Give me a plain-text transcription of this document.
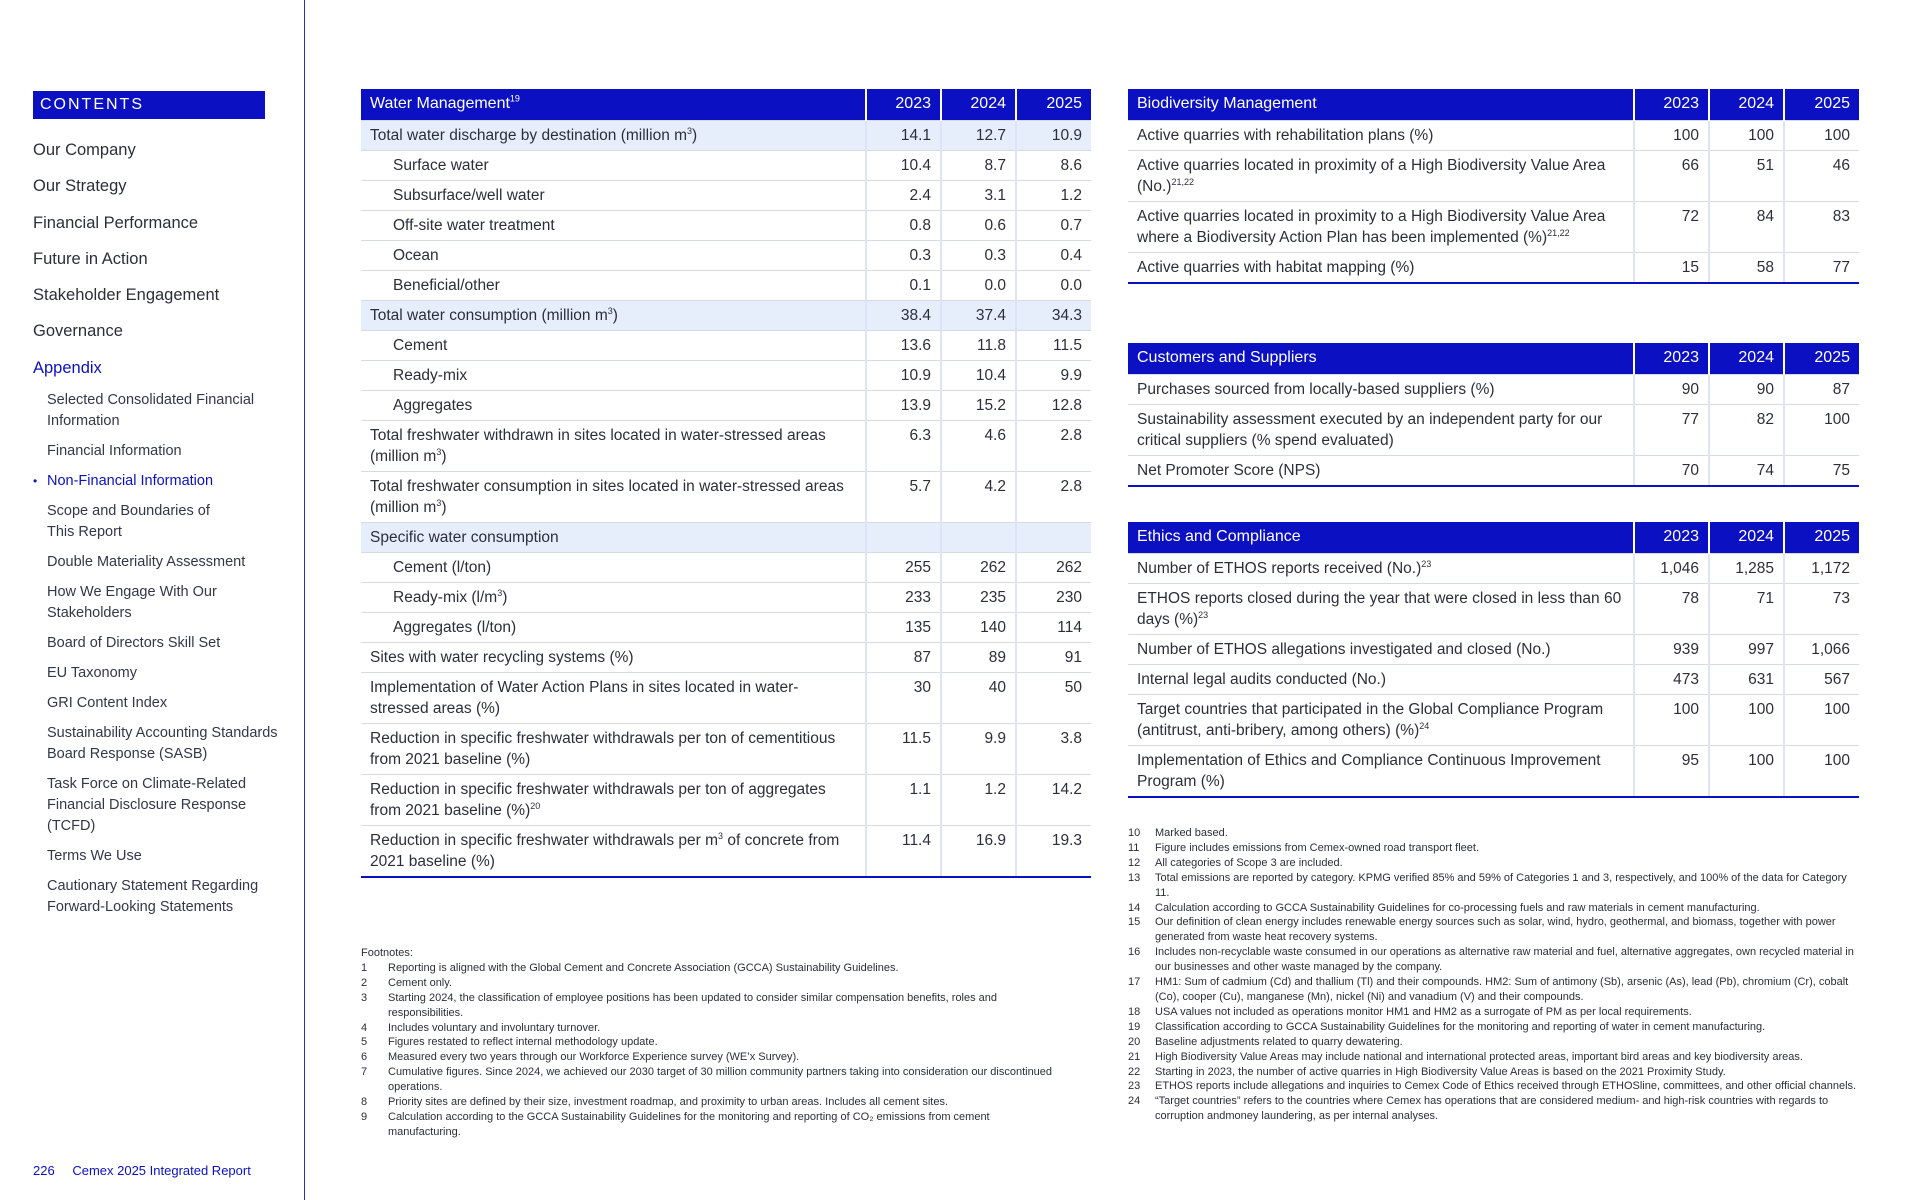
CONTENTS
Our Company
Our Strategy
Financial Performance
Future in Action
Stakeholder Engagement
Governance
Appendix
Selected Consolidated Financial Information
Financial Information
• Non-Financial Information
Scope and Boundaries of This Report
Double Materiality Assessment
How We Engage With Our Stakeholders
Board of Directors Skill Set
EU Taxonomy
GRI Content Index
Sustainability Accounting Standards Board Response (SASB)
Task Force on Climate-Related Financial Disclosure Response (TCFD)
Terms We Use
Cautionary Statement Regarding Forward-Looking Statements
226 Cemex 2025 Integrated Report
Water Management$^{19}$	2023	2024	2025
Total water discharge by destination (million $m^3$)	14.1	12.7	10.9
Surface water	10.4	8.7	8.6
Subsurface/well water	2.4	3.1	1.2
Off-site water treatment	0.8	0.6	0.7
Ocean	0.3	0.3	0.4
Beneficial/other	0.1	0.0	0.0
Total water consumption (million $m^3$)	38.4	37.4	34.3
Cement	13.6	11.8	11.5
Ready-mix	10.9	10.4	9.9
Aggregates	13.9	15.2	12.8
Total freshwater withdrawn in sites located in water-stressed areas (million $m^3$)	6.3	4.6	2.8
Total freshwater consumption in sites located in water-stressed areas (million $m^3$)	5.7	4.2	2.8
Specific water consumption			
Cement (l/ton)	255	262	262
Ready-mix $(l/m^3)$	233	235	230
Aggregates (l/ton)	135	140	114
Sites with water recycling systems (%)	87	89	91
Implementation of Water Action Plans in sites located in water-stressed areas (%)	30	40	50
Reduction in specific freshwater withdrawals per ton of cementitious from 2021 baseline (%)	11.5	9.9	3.8
Reduction in specific freshwater withdrawals per ton of aggregates from 2021 baseline (%)$^{20}$	1.1	1.2	14.2
Reduction in specific freshwater withdrawals per $m^3$ of concrete from 2021 baseline (%)	11.4	16.9	19.3
Biodiversity Management	2023	2024	2025
Active quarries with rehabilitation plans (%)	100	100	100
Active quarries located in proximity of a High Biodiversity Value Area $(No.)^{21,22}$	66	51	46
Active quarries located in proximity to a High Biodiversity Value Area where a Biodiversity Action Plan has been implemented (%)$^{21,22}$	72	84	83
Active quarries with habitat mapping (%)	15	58	77
Customers and Suppliers	2023	2024	2025
Purchases sourced from locally-based suppliers (%)	90	90	87
Sustainability assessment executed by an independent party for our critical suppliers (% spend evaluated)	77	82	100
Net Promoter Score (NPS)	70	74	75
Ethics and Compliance	2023	2024	2025
Number of ETHOS reports received $(No.)^{23}$	1,046	1,285	1,172
ETHOS reports closed during the year that were closed in less than 60 days (%)$^{23}$	78	71	73
Number of ETHOS allegations investigated and closed (No.)	939	997	1,066
Internal legal audits conducted (No.)	473	631	567
Target countries that participated in the Global Compliance Program (antitrust, anti-bribery, among others) (%)$^{24}$	100	100	100
Implementation of Ethics and Compliance Continuous Improvement Program (%)	95	100	100
Footnotes:
1	Reporting is aligned with the Global Cement and Concrete Association (GCCA) Sustainability Guidelines.
2	Cement only.
3	Starting 2024, the classification of employee positions has been updated to consider similar compensation benefits, roles and responsibilities.
4	Includes voluntary and involuntary turnover.
5	Figures restated to reflect internal methodology update.
6	Measured every two years through our Workforce Experience survey (WE’x Survey).
7	Cumulative figures. Since 2024, we achieved our 2030 target of 30 million community partners taking into consideration our discontinued operations.
8	Priority sites are defined by their size, investment roadmap, and proximity to urban areas. Includes all cement sites.
9	Calculation according to the GCCA Sustainability Guidelines for the monitoring and reporting of CO₂ emissions from cement manufacturing.
10	Marked based.
11	Figure includes emissions from Cemex-owned road transport fleet.
12	All categories of Scope 3 are included.
13	Total emissions are reported by category. KPMG verified 85% and 59% of Categories 1 and 3, respectively, and 100% of the data for Category 11.
14	Calculation according to GCCA Sustainability Guidelines for co-processing fuels and raw materials in cement manufacturing.
15	Our definition of clean energy includes renewable energy sources such as solar, wind, hydro, geothermal, and biomass, together with power generated from waste heat recovery systems.
16	Includes non-recyclable waste consumed in our operations as alternative raw material and fuel, alternative aggregates, own recycled material in our businesses and other waste managed by the company.
17	HM1: Sum of cadmium (Cd) and thallium (Tl) and their compounds. HM2: Sum of antimony (Sb), arsenic (As), lead (Pb), chromium (Cr), cobalt (Co), cooper (Cu), manganese (Mn), nickel (Ni) and vanadium (V) and their compounds.
18	USA values not included as operations monitor HM1 and HM2 as a surrogate of PM as per local requirements.
19	Classification according to GCCA Sustainability Guidelines for the monitoring and reporting of water in cement manufacturing.
20	Baseline adjustments related to quarry dewatering.
21	High Biodiversity Value Areas may include national and international protected areas, important bird areas and key biodiversity areas.
22	Starting in 2023, the number of active quarries in High Biodiversity Value Areas is based on the 2021 Proximity Study.
23	ETHOS reports include allegations and inquiries to Cemex Code of Ethics received through ETHOSline, committees, and other official channels.
24	“Target countries” refers to the countries where Cemex has operations that are considered medium- and high-risk countries with regards to corruption andmoney laundering, as per internal analyses.
